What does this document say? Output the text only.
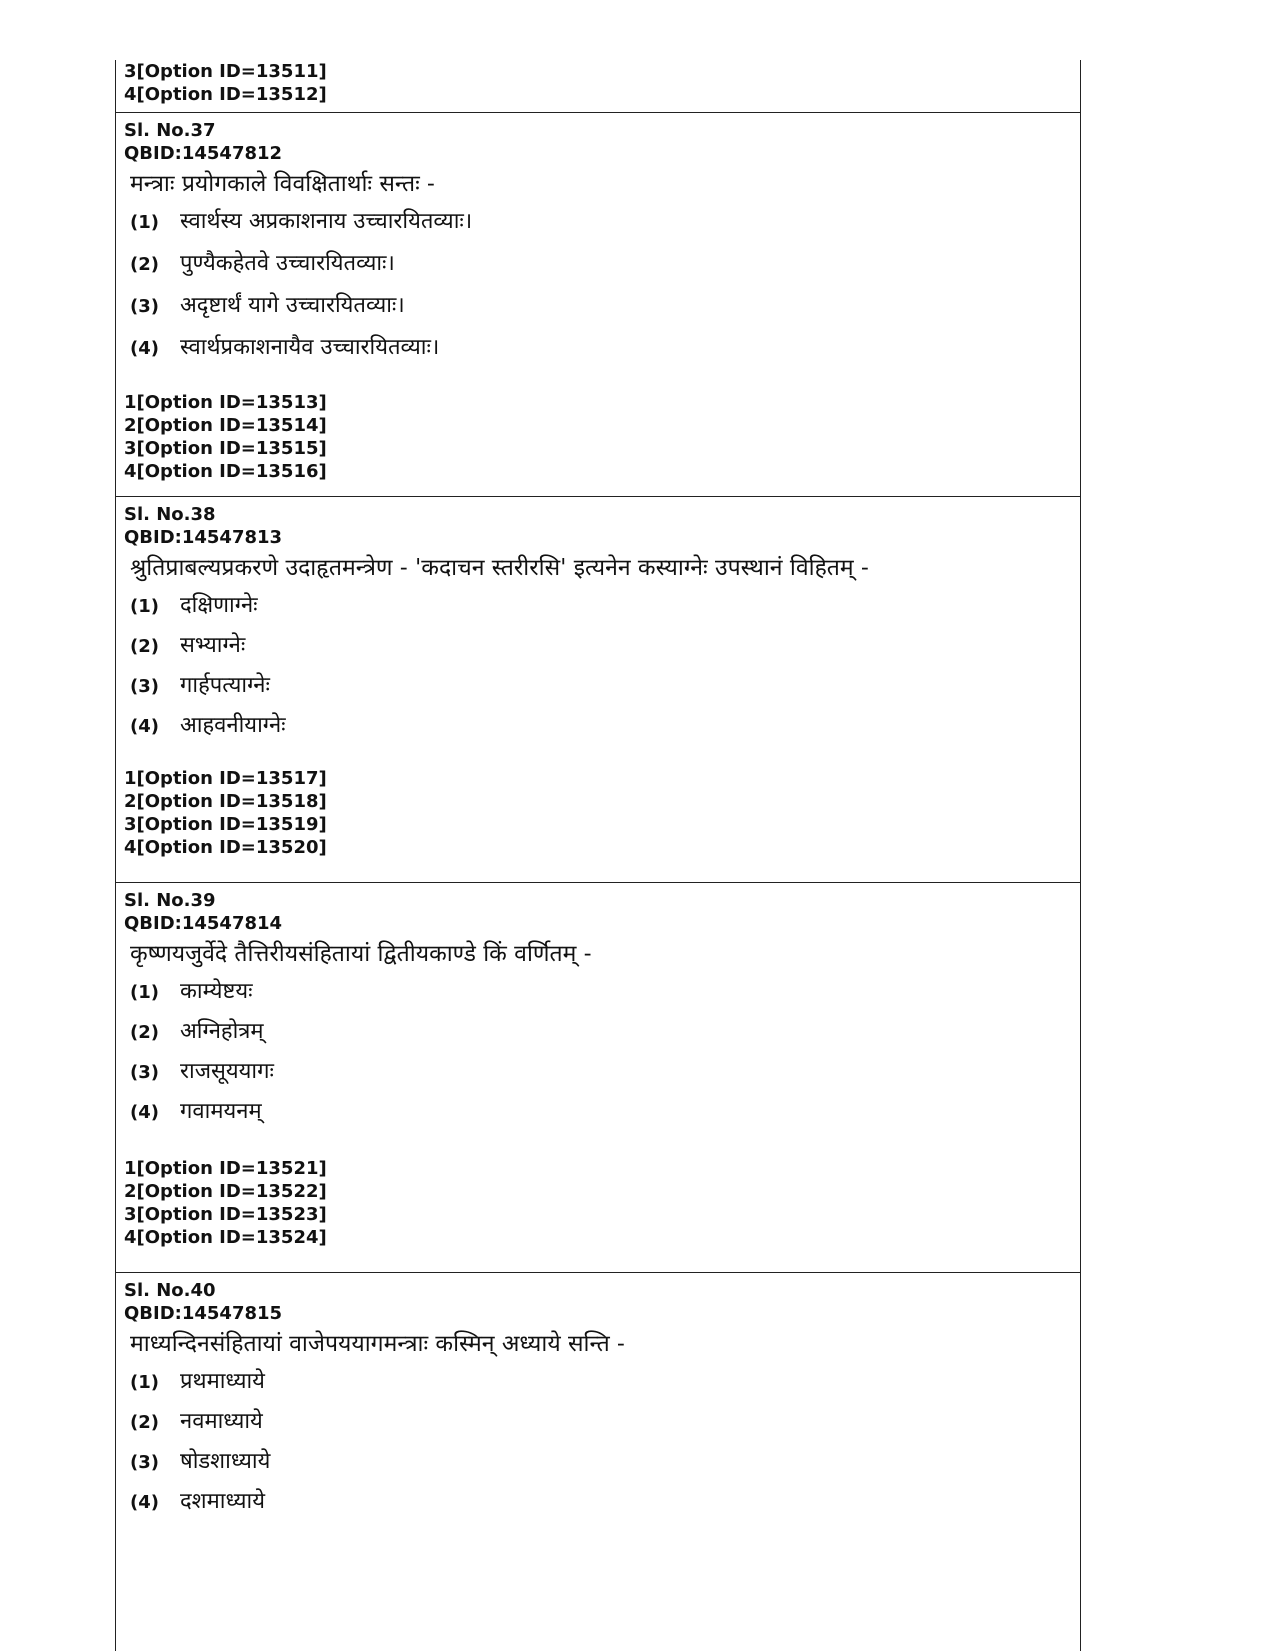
3[Option ID=13511]
4[Option ID=13512]
Sl. No.37
QBID:14547812
मन्त्राः प्रयोगकाले विवक्षितार्थाः सन्तः -
(1) स्वार्थस्य अप्रकाशनाय उच्चारयितव्याः।
(2) पुण्यैकहेतवे उच्चारयितव्याः।
(3) अदृष्टार्थं यागे उच्चारयितव्याः।
(4) स्वार्थप्रकाशनायैव उच्चारयितव्याः।
1[Option ID=13513]
2[Option ID=13514]
3[Option ID=13515]
4[Option ID=13516]
Sl. No.38
QBID:14547813
श्रुतिप्राबल्यप्रकरणे उदाहृतमन्त्रेण - 'कदाचन स्तरीरसि' इत्यनेन कस्याग्नेः उपस्थानं विहितम् -
(1) दक्षिणाग्नेः
(2) सभ्याग्नेः
(3) गार्हपत्याग्नेः
(4) आहवनीयाग्नेः
1[Option ID=13517]
2[Option ID=13518]
3[Option ID=13519]
4[Option ID=13520]
Sl. No.39
QBID:14547814
कृष्णयजुर्वेदे तैत्तिरीयसंहितायां द्वितीयकाण्डे किं वर्णितम् -
(1) काम्येष्टयः
(2) अग्निहोत्रम्
(3) राजसूययागः
(4) गवामयनम्
1[Option ID=13521]
2[Option ID=13522]
3[Option ID=13523]
4[Option ID=13524]
Sl. No.40
QBID:14547815
माध्यन्दिनसंहितायां वाजेपययागमन्त्राः कस्मिन् अध्याये सन्ति -
(1) प्रथमाध्याये
(2) नवमाध्याये
(3) षोडशाध्याये
(4) दशमाध्याये
